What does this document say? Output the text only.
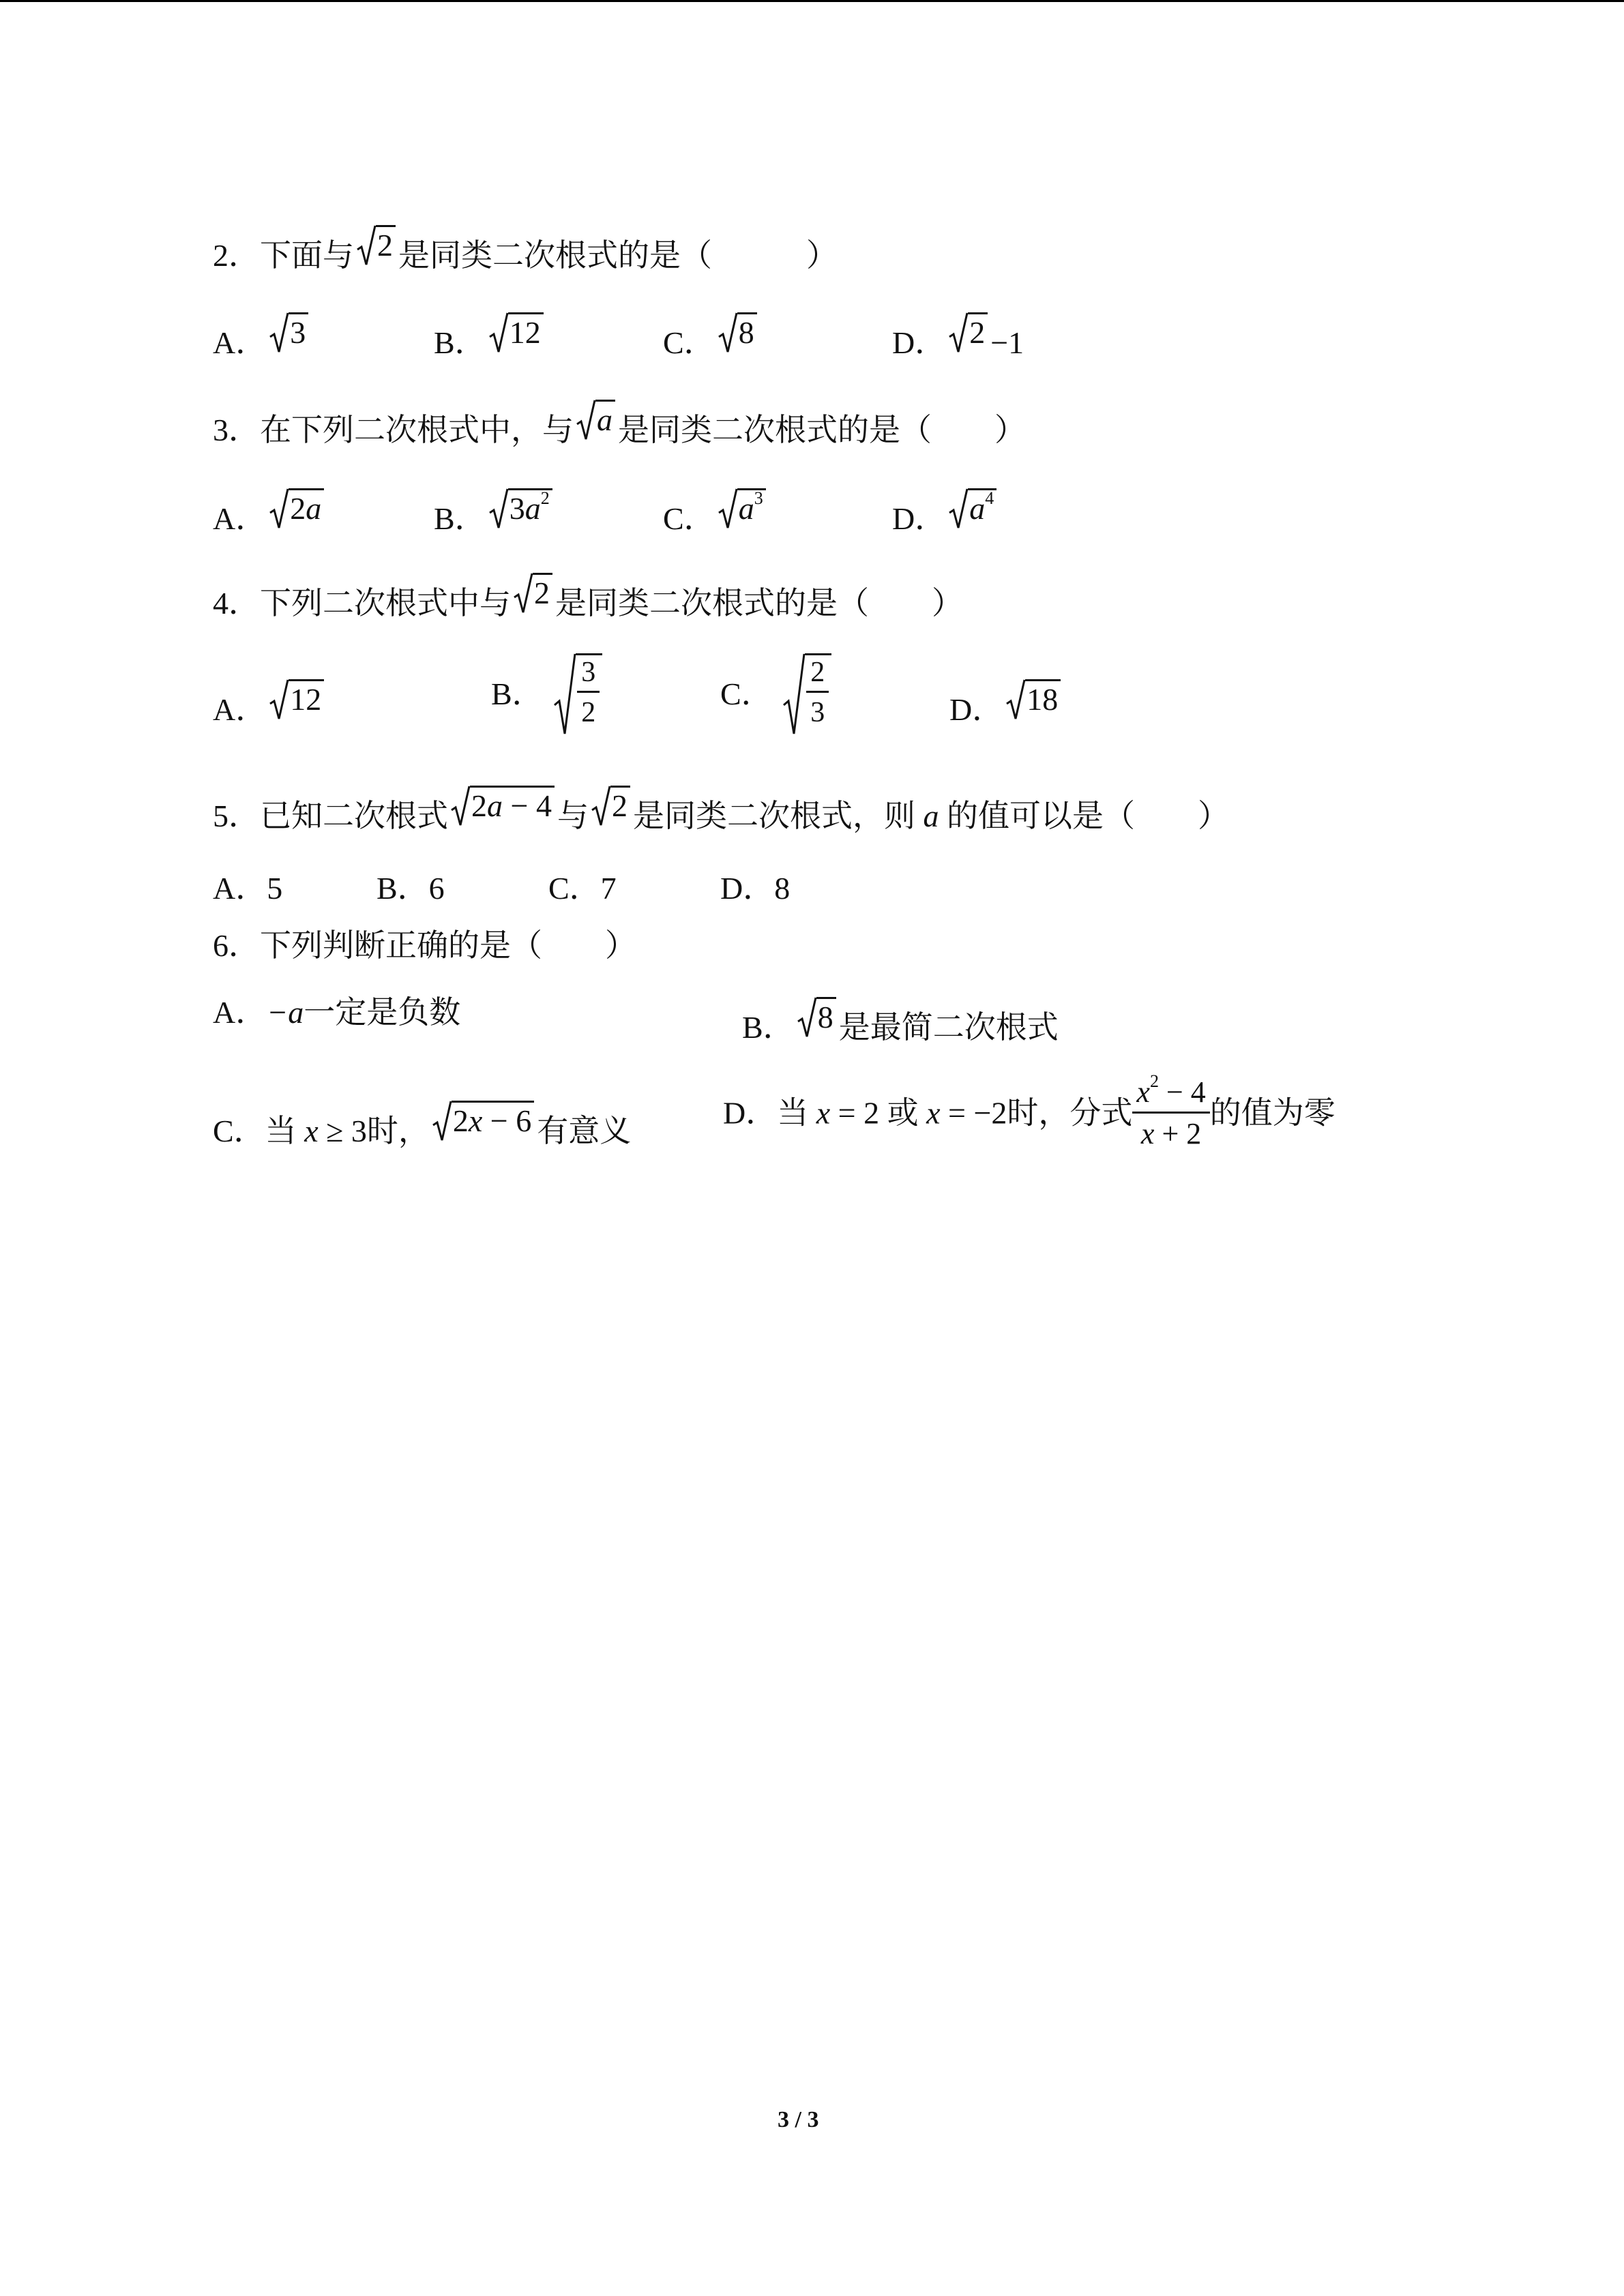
2．下面与 2 是同类二次根式的是（　　　）
A． 3	B． 12	C． 8	D． 2 −1
3．在下列二次根式中，与 a 是同类二次根式的是（　　）
A． 2a	B． $3a^2$
C． $a^3$
D． $a^4$
4．下列二次根式中与 2 是同类二次根式的是（　　）
A． 12	B． $\frac{3}{2}$	C． $\frac{2}{3}$	D． 18
5．已知二次根式 2a − 4 与 2 是同类二次根式，则 a 的值可以是（　　）
A．5	B．6	C．7	D．8
6．下列判断正确的是（　　）
A．−a一定是负数	B． 8 是最简二次根式
C．当 x ≥ 3时， 2x − 6 有意义
D．当 x = 2 或 x = −2时，分式 $\frac{x^2 - 4}{x + 2}$ 的值为零
3 / 3
